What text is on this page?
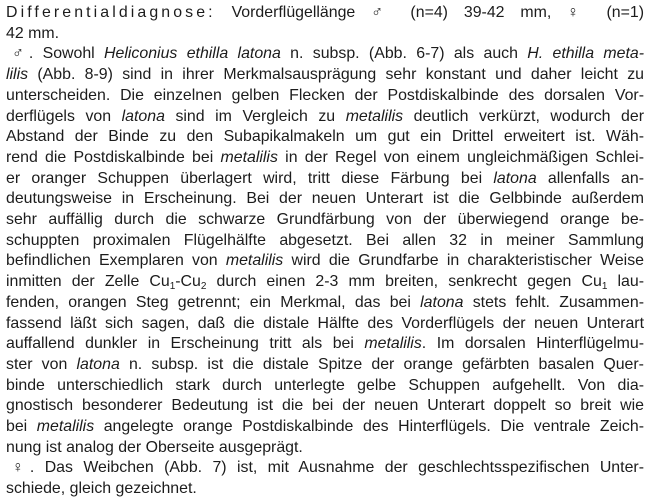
Differentialdiagnose: Vorderflügellänge ♂ (n=4) 39-42 mm, ♀ (n=1)
42 mm.
♂. Sowohl Heliconius ethilla latona n. subsp. (Abb. 6-7) als auch H. ethilla meta-
lilis (Abb. 8-9) sind in ihrer Merkmalsausprägung sehr konstant und daher leicht zu
unterscheiden. Die einzelnen gelben Flecken der Postdiskalbinde des dorsalen Vor-
derflügels von latona sind im Vergleich zu metalilis deutlich verkürzt, wodurch der
Abstand der Binde zu den Subapikalmakeln um gut ein Drittel erweitert ist. Wäh-
rend die Postdiskalbinde bei metalilis in der Regel von einem ungleichmäßigen Schlei-
er oranger Schuppen überlagert wird, tritt diese Färbung bei latona allenfalls an-
deutungsweise in Erscheinung. Bei der neuen Unterart ist die Gelbbinde außerdem
sehr auffällig durch die schwarze Grundfärbung von der überwiegend orange be-
schuppten proximalen Flügelhälfte abgesetzt. Bei allen 32 in meiner Sammlung
befindlichen Exemplaren von metalilis wird die Grundfarbe in charakteristischer Weise
inmitten der Zelle $Cu_1-Cu_2$ durch einen 2-3 mm breiten, senkrecht gegen $Cu_1$ lau-
fenden, orangen Steg getrennt; ein Merkmal, das bei latona stets fehlt. Zusammen-
fassend läßt sich sagen, daß die distale Hälfte des Vorderflügels der neuen Unterart
auffallend dunkler in Erscheinung tritt als bei metalilis. Im dorsalen Hinterflügelmu-
ster von latona n. subsp. ist die distale Spitze der orange gefärbten basalen Quer-
binde unterschiedlich stark durch unterlegte gelbe Schuppen aufgehellt. Von dia-
gnostisch besonderer Bedeutung ist die bei der neuen Unterart doppelt so breit wie
bei metalilis angelegte orange Postdiskalbinde des Hinterflügels. Die ventrale Zeich-
nung ist analog der Oberseite ausgeprägt.
♀. Das Weibchen (Abb. 7) ist, mit Ausnahme der geschlechtsspezifischen Unter-
schiede, gleich gezeichnet.
